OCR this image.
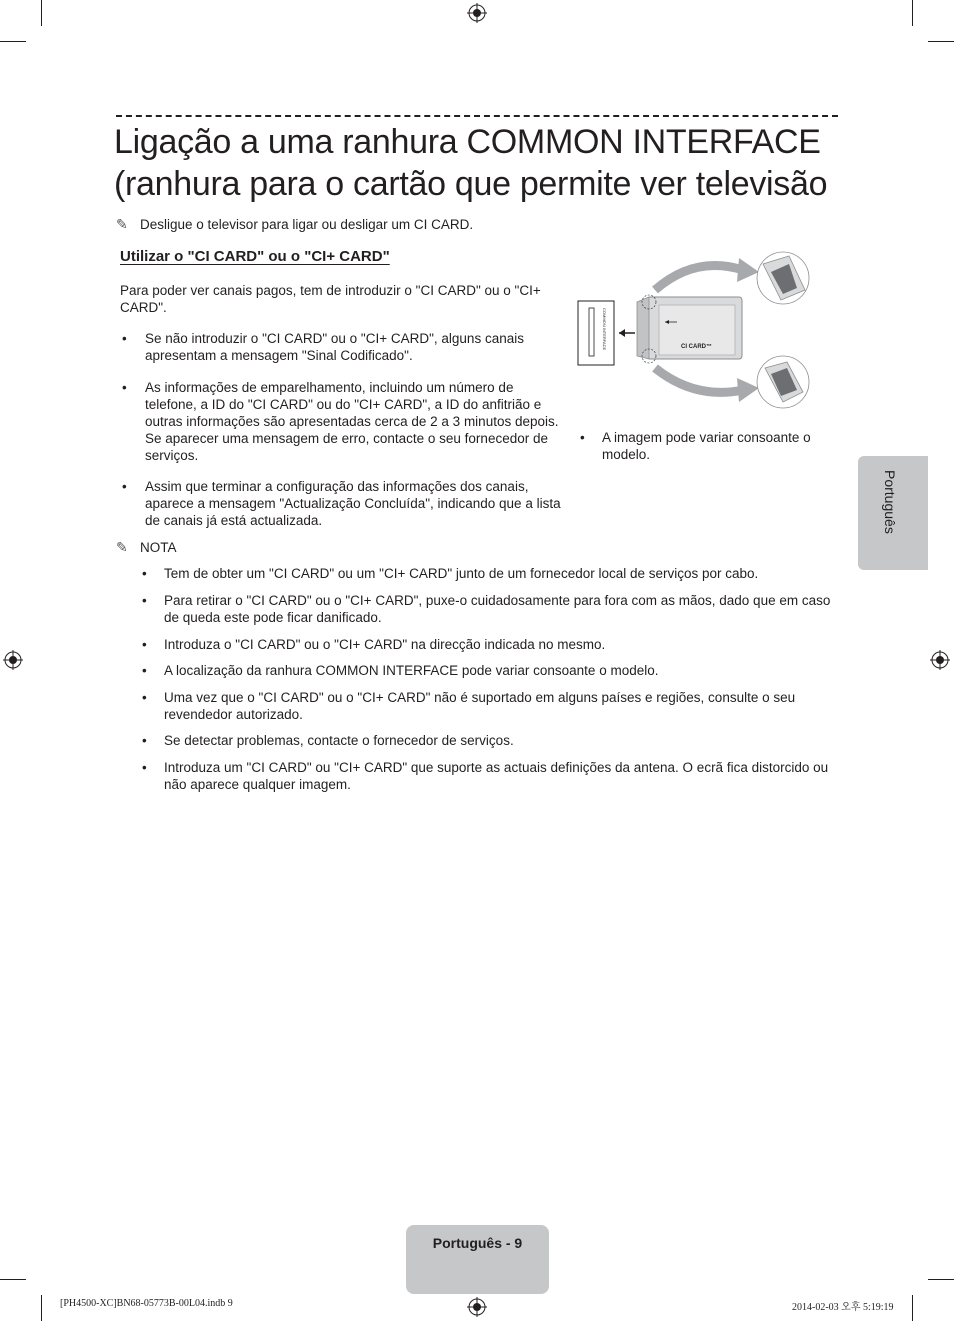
Ligação a uma ranhura COMMON INTERFACE
(ranhura para o cartão que permite ver televisão
✎ Desligue o televisor para ligar ou desligar um CI CARD.
Utilizar o "CI CARD" ou o "CI+ CARD"
Para poder ver canais pagos, tem de introduzir o "CI CARD" ou o "CI+ CARD".
• Se não introduzir o "CI CARD" ou o "CI+ CARD", alguns canais apresentam a mensagem "Sinal Codificado".
• As informações de emparelhamento, incluindo um número de telefone, a ID do "CI CARD" ou do "CI+ CARD", a ID do anfitrião e outras informações são apresentadas cerca de 2 a 3 minutos depois. Se aparecer uma mensagem de erro, contacte o seu fornecedor de serviços.
• Assim que terminar a configuração das informações dos canais, aparece a mensagem "Actualização Concluída", indicando que a lista de canais já está actualizada.
COMMON INTERFACE	CI CARD™
• A imagem pode variar consoante o modelo.
✎ NOTA
• Tem de obter um "CI CARD" ou um "CI+ CARD" junto de um fornecedor local de serviços por cabo.
• Para retirar o "CI CARD" ou o "CI+ CARD", puxe-o cuidadosamente para fora com as mãos, dado que em caso de queda este pode ficar danificado.
• Introduza o "CI CARD" ou o "CI+ CARD" na direcção indicada no mesmo.
• A localização da ranhura COMMON INTERFACE pode variar consoante o modelo.
• Uma vez que o "CI CARD" ou o "CI+ CARD" não é suportado em alguns países e regiões, consulte o seu revendedor autorizado.
• Se detectar problemas, contacte o fornecedor de serviços.
• Introduza um "CI CARD" ou "CI+ CARD" que suporte as actuais definições da antena. O ecrã fica distorcido ou não aparece qualquer imagem.
Português
Português - 9
[PH4500-XC]BN68-05773B-00L04.indb 9	2014-02-03 오후 5:19:19
